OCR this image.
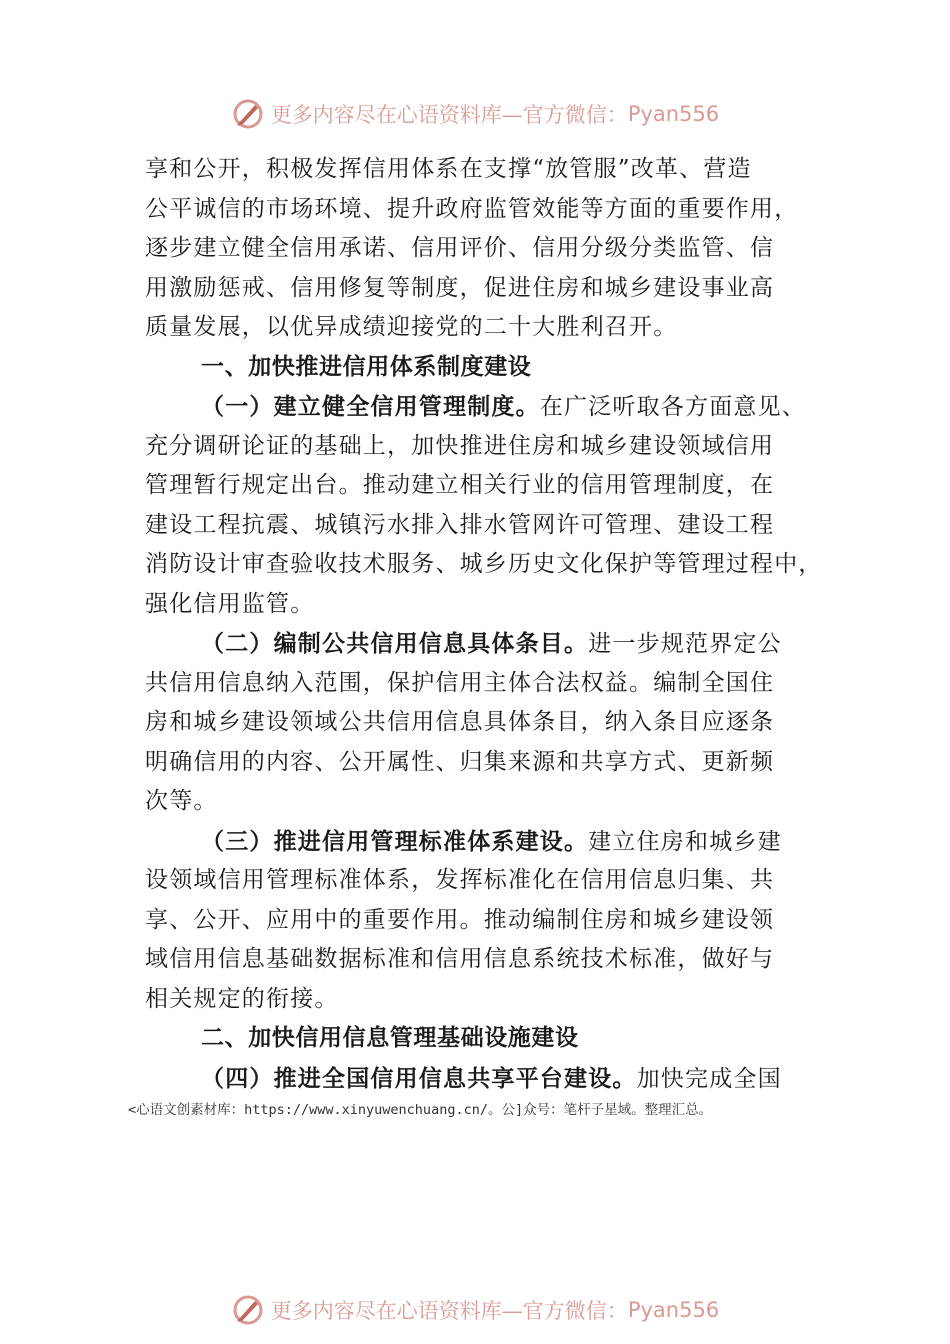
更多内容尽在心语资料库—官方微信： Pyan556
享和公开，积极发挥信用体系在支撑“放管服”改革、营造
公平诚信的市场环境、提升政府监管效能等方面的重要作用，
逐步建立健全信用承诺、信用评价、信用分级分类监管、信
用激励惩戒、信用修复等制度，促进住房和城乡建设事业高
质量发展，以优异成绩迎接党的二十大胜利召开。
一、加快推进信用体系制度建设
（一）建立健全信用管理制度。在广泛听取各方面意见、
充分调研论证的基础上，加快推进住房和城乡建设领域信用
管理暂行规定出台。推动建立相关行业的信用管理制度，在
建设工程抗震、城镇污水排入排水管网许可管理、建设工程
消防设计审查验收技术服务、城乡历史文化保护等管理过程中，
强化信用监管。
（二）编制公共信用信息具体条目。进一步规范界定公
共信用信息纳入范围，保护信用主体合法权益。编制全国住
房和城乡建设领域公共信用信息具体条目，纳入条目应逐条
明确信用的内容、公开属性、归集来源和共享方式、更新频
次等。
（三）推进信用管理标准体系建设。建立住房和城乡建
设领域信用管理标准体系，发挥标准化在信用信息归集、共
享、公开、应用中的重要作用。推动编制住房和城乡建设领
域信用信息基础数据标准和信用信息系统技术标准，做好与
相关规定的衔接。
二、加快信用信息管理基础设施建设
（四）推进全国信用信息共享平台建设。加快完成全国
<心语文创素材库：https://www.xinyuwenchuang.cn/。公]众号：笔杆子星域。整理汇总。
更多内容尽在心语资料库—官方微信： Pyan556
